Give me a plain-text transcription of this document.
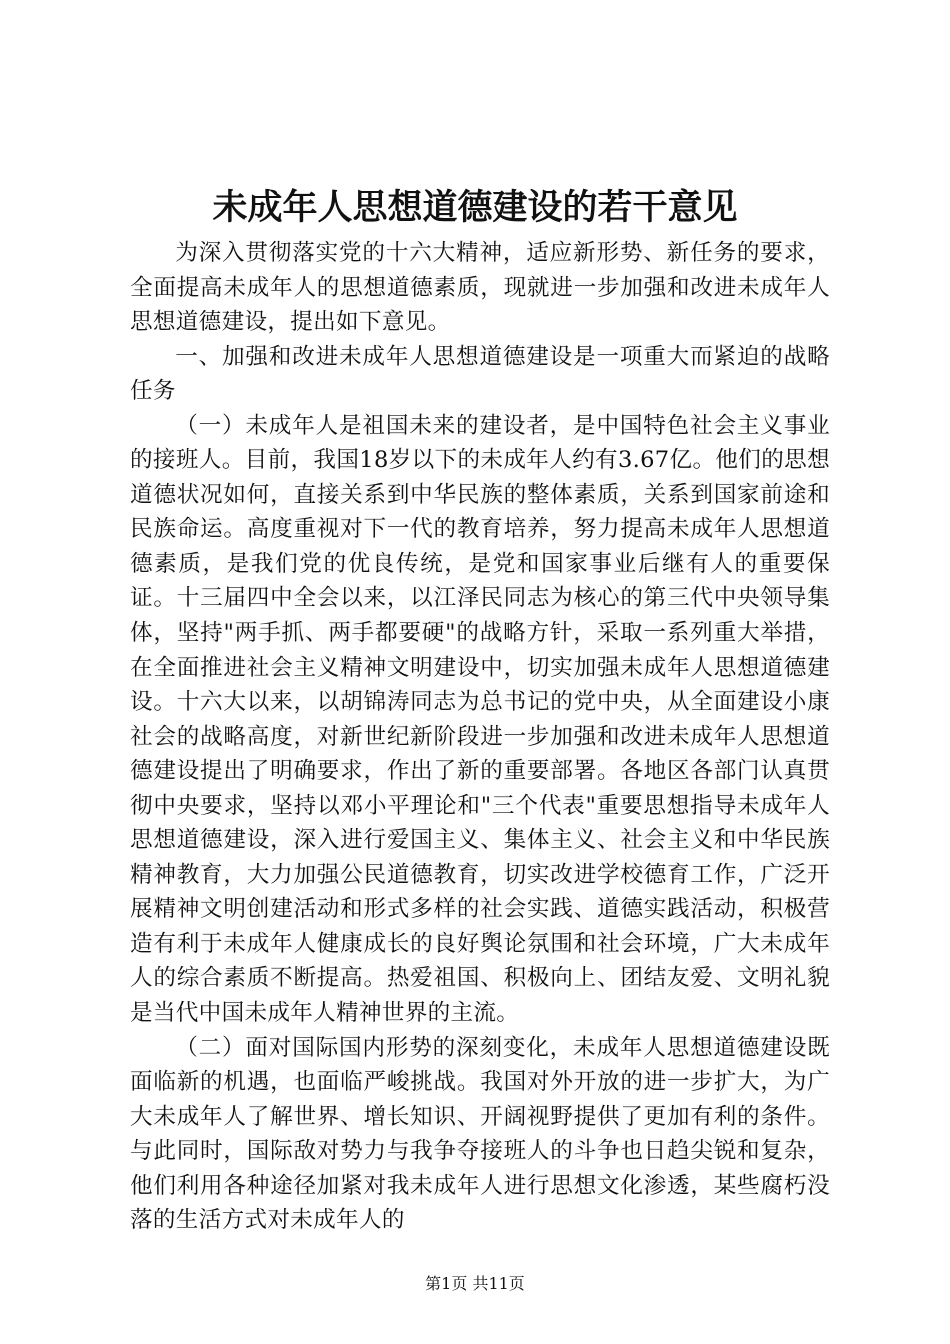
未成年人思想道德建设的若干意见

为深入贯彻落实党的十六大精神，适应新形势、新任务的要求，全面提高未成年人的思想道德素质，现就进一步加强和改进未成年人思想道德建设，提出如下意见。

一、加强和改进未成年人思想道德建设是一项重大而紧迫的战略任务

（一）未成年人是祖国未来的建设者，是中国特色社会主义事业的接班人。目前，我国18岁以下的未成年人约有3.67亿。他们的思想道德状况如何，直接关系到中华民族的整体素质，关系到国家前途和民族命运。高度重视对下一代的教育培养，努力提高未成年人思想道德素质，是我们党的优良传统，是党和国家事业后继有人的重要保证。十三届四中全会以来，以江泽民同志为核心的第三代中央领导集体，坚持"两手抓、两手都要硬"的战略方针，采取一系列重大举措，在全面推进社会主义精神文明建设中，切实加强未成年人思想道德建设。十六大以来，以胡锦涛同志为总书记的党中央，从全面建设小康社会的战略高度，对新世纪新阶段进一步加强和改进未成年人思想道德建设提出了明确要求，作出了新的重要部署。各地区各部门认真贯彻中央要求，坚持以邓小平理论和"三个代表"重要思想指导未成年人思想道德建设，深入进行爱国主义、集体主义、社会主义和中华民族精神教育，大力加强公民道德教育，切实改进学校德育工作，广泛开展精神文明创建活动和形式多样的社会实践、道德实践活动，积极营造有利于未成年人健康成长的良好舆论氛围和社会环境，广大未成年人的综合素质不断提高。热爱祖国、积极向上、团结友爱、文明礼貌是当代中国未成年人精神世界的主流。

（二）面对国际国内形势的深刻变化，未成年人思想道德建设既面临新的机遇，也面临严峻挑战。我国对外开放的进一步扩大，为广大未成年人了解世界、增长知识、开阔视野提供了更加有利的条件。与此同时，国际敌对势力与我争夺接班人的斗争也日趋尖锐和复杂，他们利用各种途径加紧对我未成年人进行思想文化渗透，某些腐朽没落的生活方式对未成年人的

第1页 共11页
